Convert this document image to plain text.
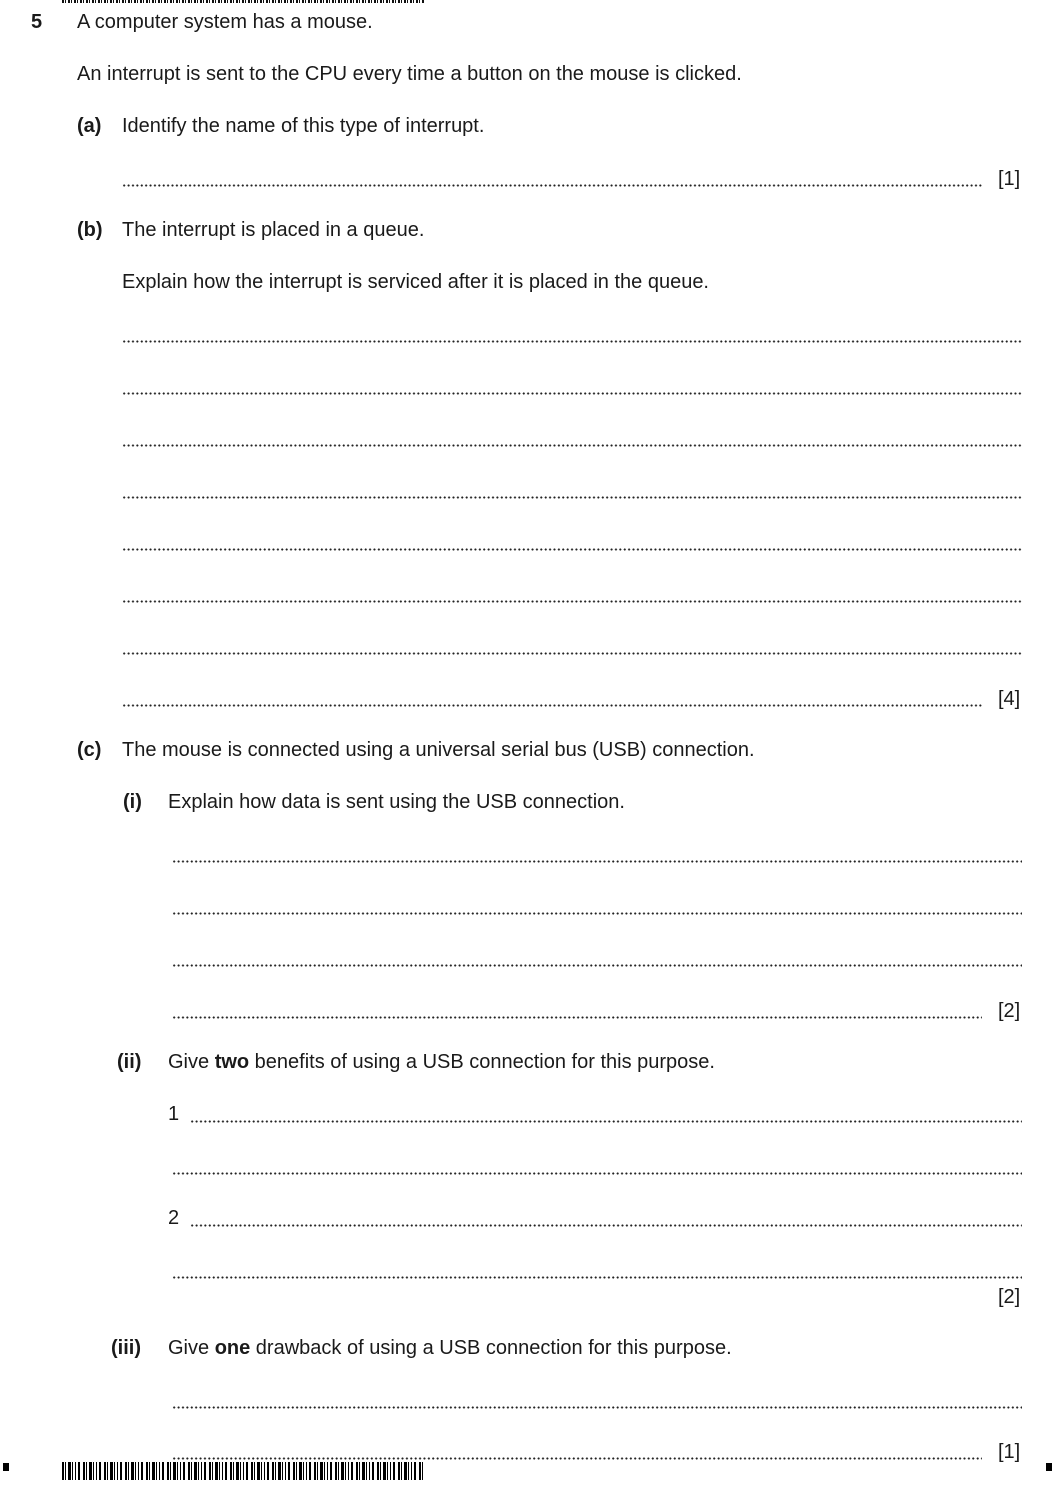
5 A computer system has a mouse.
An interrupt is sent to the CPU every time a button on the mouse is clicked.
(a) Identify the name of this type of interrupt.
[1]
(b) The interrupt is placed in a queue.
Explain how the interrupt is serviced after it is placed in the queue.
[4]
(c) The mouse is connected using a universal serial bus (USB) connection.
(i) Explain how data is sent using the USB connection.
[2]
(ii) Give two benefits of using a USB connection for this purpose.
1
2
[2]
(iii) Give one drawback of using a USB connection for this purpose.
[1]
